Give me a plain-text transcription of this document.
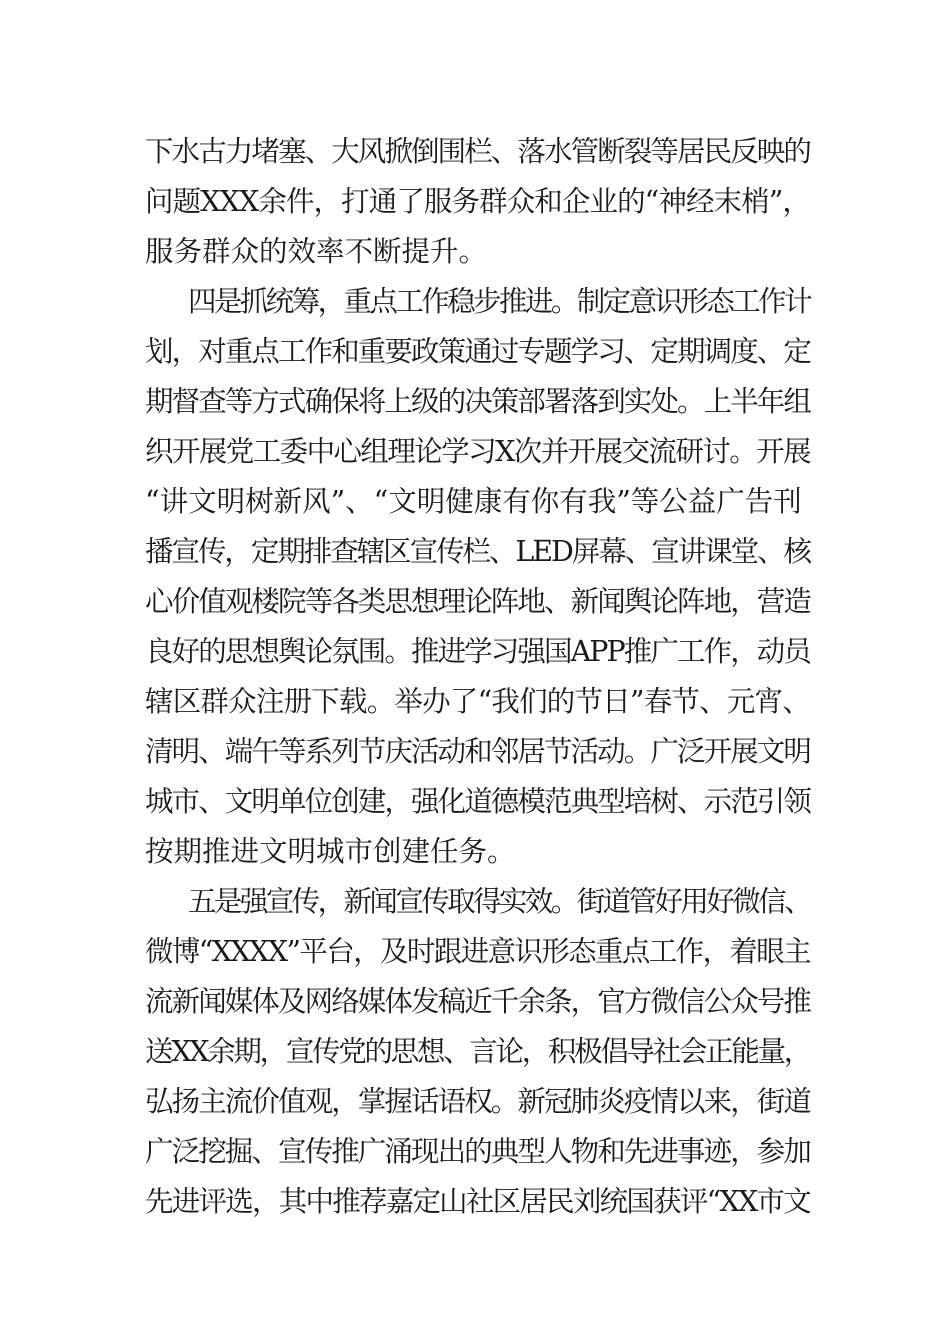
下水古力堵塞、大风掀倒围栏、落水管断裂等居民反映的
问题XXX余件，打通了服务群众和企业的“神经末梢”，
服务群众的效率不断提升。
四是抓统筹，重点工作稳步推进。制定意识形态工作计
划，对重点工作和重要政策通过专题学习、定期调度、定
期督查等方式确保将上级的决策部署落到实处。上半年组
织开展党工委中心组理论学习X次并开展交流研讨。开展
“讲文明树新风”、“文明健康有你有我”等公益广告刊
播宣传，定期排查辖区宣传栏、LED屏幕、宣讲课堂、核
心价值观楼院等各类思想理论阵地、新闻舆论阵地，营造
良好的思想舆论氛围。推进学习强国APP推广工作，动员
辖区群众注册下载。举办了“我们的节日”春节、元宵、
清明、端午等系列节庆活动和邻居节活动。广泛开展文明
城市、文明单位创建，强化道德模范典型培树、示范引领
按期推进文明城市创建任务。
五是强宣传，新闻宣传取得实效。街道管好用好微信、
微博“XXXX”平台，及时跟进意识形态重点工作，着眼主
流新闻媒体及网络媒体发稿近千余条，官方微信公众号推
送XX余期，宣传党的思想、言论，积极倡导社会正能量，
弘扬主流价值观，掌握话语权。新冠肺炎疫情以来，街道
广泛挖掘、宣传推广涌现出的典型人物和先进事迹，参加
先进评选，其中推荐嘉定山社区居民刘统国获评“XX市文
